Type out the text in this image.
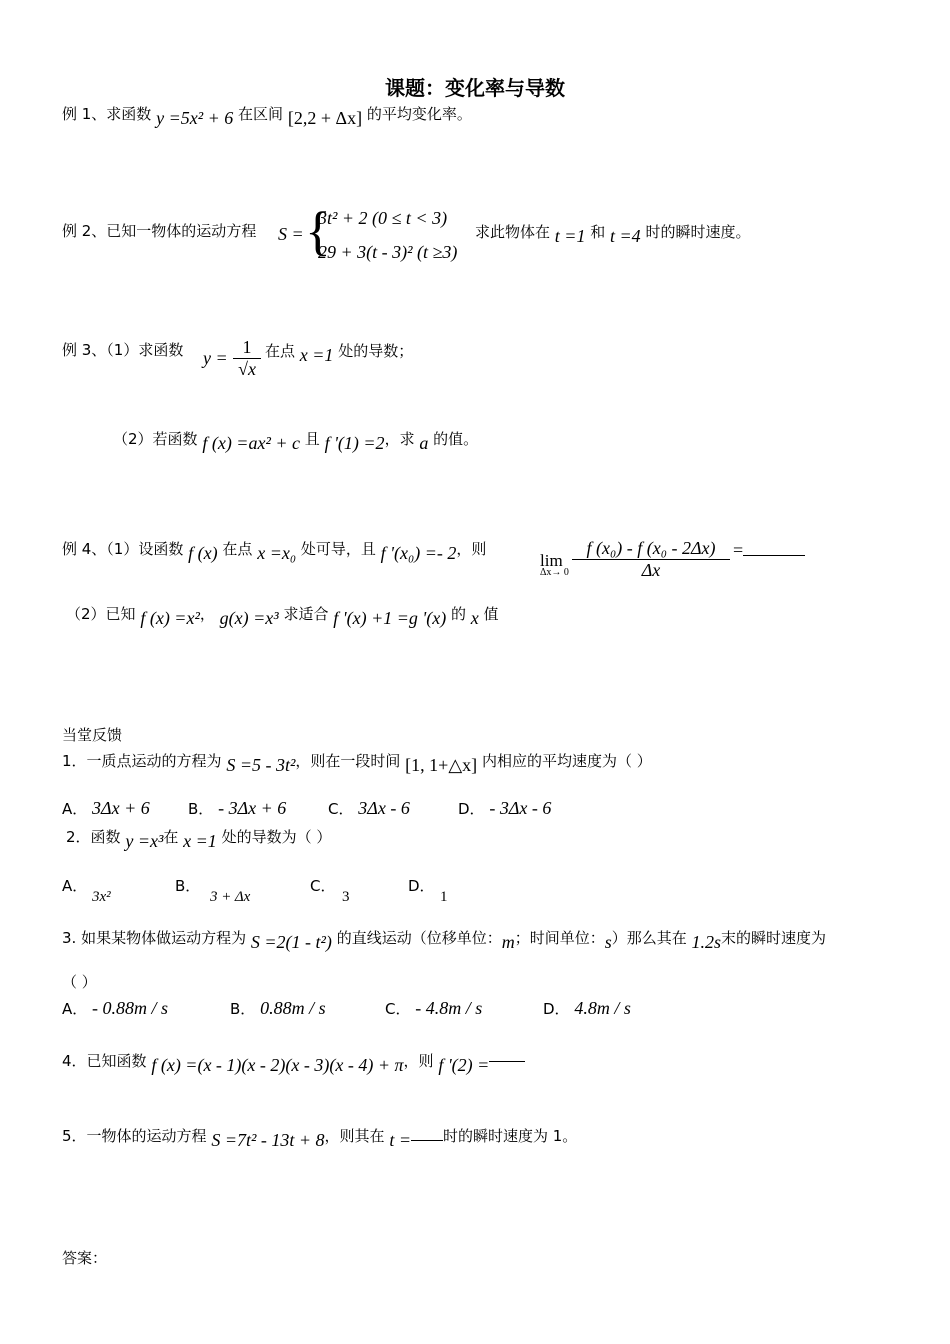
课题：变化率与导数
例 1、求函数 y =5x² + 6 在区间 [2,2 + Δx] 的平均变化率。
例 2、已知一物体的运动方程 S = {
3t² + 2 (0 ≤ t < 3)
29 + 3(t - 3)² (t ≥3)
求此物体在 t =1 和 t =4 时的瞬时速度。
例 3、（1）求函数 $y = \frac{1}{√x}$ 在点 x =1 处的导数；
（2）若函数 f (x) =ax² + c 且 f '(1) =2，求 a 的值。
例 4、（1）设函数 f (x) 在点 x =x₀ 处可导，且 f '(x₀) =- 2，则
lim
$\Delta x\to 0 \frac{\text{f (x₀) - f (x₀ - 2Δx)}}{\Delta x}$ =
（2）已知 f (x) =x²， g(x) =x³ 求适合 f '(x) +1 =g '(x) 的 x 值
当堂反馈
1．一质点运动的方程为 S =5 - 3t²，则在一段时间 [1, 1+△x] 内相应的平均速度为（ ）
A． 3Δx + 6	B． - 3Δx + 6	C． 3Δx - 6	D． - 3Δx - 6
2．函数 y =x³在 x =1 处的导数为（ ）
A．
3x²
B．
3 + Δx
C．
3
D．
1
3. 如果某物体做运动方程为 S =2(1 - t²) 的直线运动（位移单位：m；时间单位：s）那么其在 1.2s末的瞬时速度为
（ ）
A． - 0.88m / s	B． 0.88m / s	C． - 4.8m / s	D． 4.8m / s
4．已知函数 f (x) =(x - 1)(x - 2)(x - 3)(x - 4) + π，则 f '(2) =
5．一物体的运动方程 S =7t² - 13t + 8，则其在 t = 时的瞬时速度为 1。
答案：
